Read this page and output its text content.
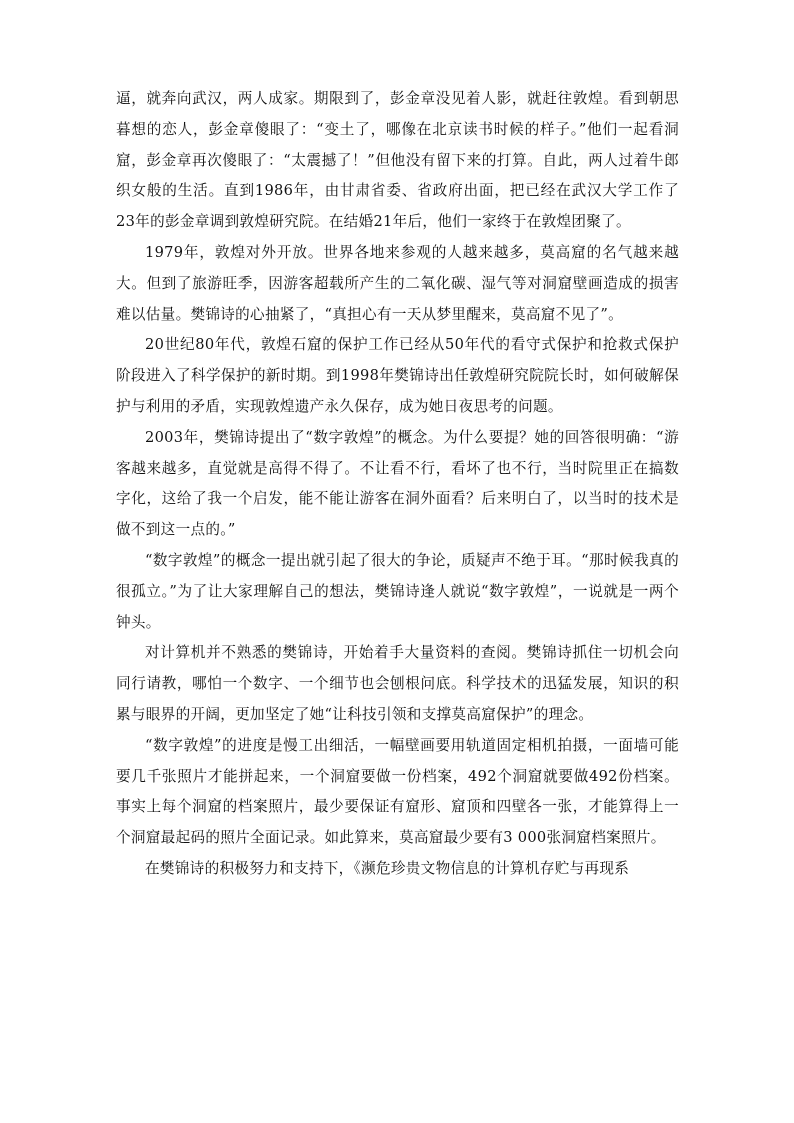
逼，就奔向武汉，两人成家。期限到了，彭金章没见着人影，就赶往敦煌。看到朝思暮想的恋人，彭金章傻眼了：“变土了，哪像在北京读书时候的样子。”他们一起看洞窟，彭金章再次傻眼了：“太震撼了！”但他没有留下来的打算。自此，两人过着牛郎织女般的生活。直到1986年，由甘肃省委、省政府出面，把已经在武汉大学工作了23年的彭金章调到敦煌研究院。在结婚21年后，他们一家终于在敦煌团聚了。

1979年，敦煌对外开放。世界各地来参观的人越来越多，莫高窟的名气越来越大。但到了旅游旺季，因游客超载所产生的二氧化碳、湿气等对洞窟壁画造成的损害难以估量。樊锦诗的心抽紧了，“真担心有一天从梦里醒来，莫高窟不见了”。

20世纪80年代，敦煌石窟的保护工作已经从50年代的看守式保护和抢救式保护阶段进入了科学保护的新时期。到1998年樊锦诗出任敦煌研究院院长时，如何破解保护与利用的矛盾，实现敦煌遗产永久保存，成为她日夜思考的问题。

2003年，樊锦诗提出了“数字敦煌”的概念。为什么要提？她的回答很明确：“游客越来越多，直觉就是高得不得了。不让看不行，看坏了也不行，当时院里正在搞数字化，这给了我一个启发，能不能让游客在洞外面看？后来明白了，以当时的技术是做不到这一点的。”

“数字敦煌”的概念一提出就引起了很大的争论，质疑声不绝于耳。“那时候我真的很孤立。”为了让大家理解自己的想法，樊锦诗逢人就说“数字敦煌”，一说就是一两个钟头。

对计算机并不熟悉的樊锦诗，开始着手大量资料的查阅。樊锦诗抓住一切机会向同行请教，哪怕一个数字、一个细节也会刨根问底。科学技术的迅猛发展，知识的积累与眼界的开阔，更加坚定了她“让科技引领和支撑莫高窟保护”的理念。

“数字敦煌”的进度是慢工出细活，一幅壁画要用轨道固定相机拍摄，一面墙可能要几千张照片才能拼起来，一个洞窟要做一份档案，492个洞窟就要做492份档案。事实上每个洞窟的档案照片，最少要保证有窟形、窟顶和四壁各一张，才能算得上一个洞窟最起码的照片全面记录。如此算来，莫高窟最少要有3 000张洞窟档案照片。

在樊锦诗的积极努力和支持下，《濒危珍贵文物信息的计算机存贮与再现系
